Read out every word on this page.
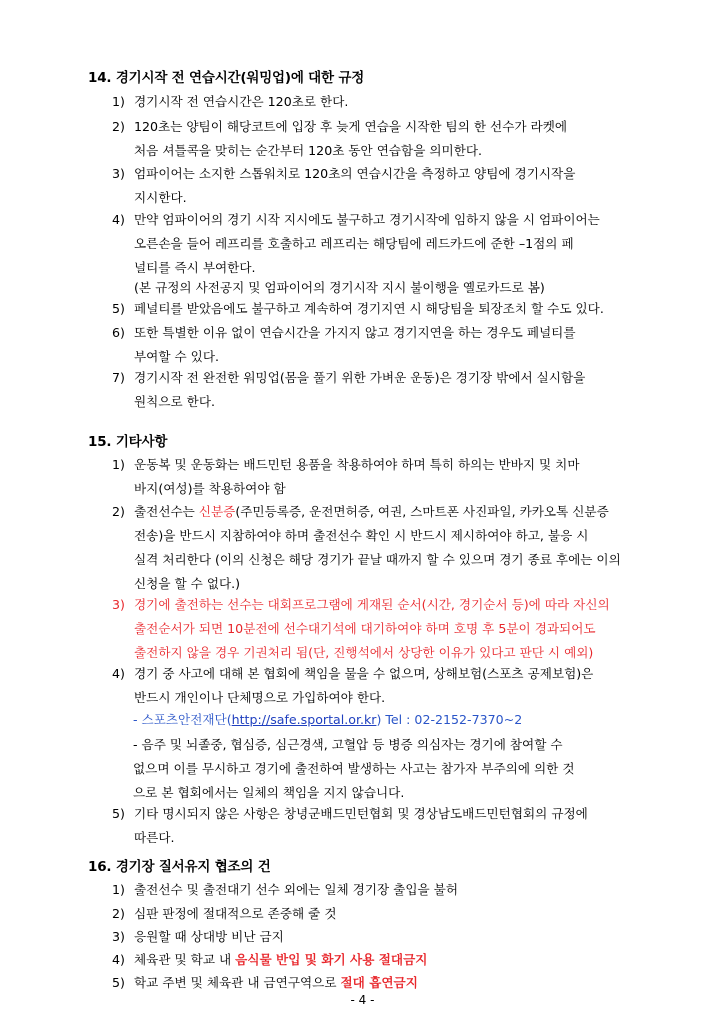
14. 경기시작 전 연습시간(워밍업)에 대한 규정
1) 경기시작 전 연습시간은 120초로 한다.
2) 120초는 양팀이 해당코트에 입장 후 늦게 연습을 시작한 팀의 한 선수가 라켓에
처음 셔틀콕을 맞히는 순간부터 120초 동안 연습함을 의미한다.
3) 엄파이어는 소지한 스톱워치로 120초의 연습시간을 측정하고 양팀에 경기시작을
지시한다.
4) 만약 엄파이어의 경기 시작 지시에도 불구하고 경기시작에 임하지 않을 시 엄파이어는
오른손을 들어 레프리를 호출하고 레프리는 해당팀에 레드카드에 준한 –1점의 페
널티를 즉시 부여한다.
(본 규정의 사전공지 및 엄파이어의 경기시작 지시 불이행을 옐로카드로 봄)
5) 페널티를 받았음에도 불구하고 계속하여 경기지연 시 해당팀을 퇴장조치 할 수도 있다.
6) 또한 특별한 이유 없이 연습시간을 가지지 않고 경기지연을 하는 경우도 페널티를
부여할 수 있다.
7) 경기시작 전 완전한 워밍업(몸을 풀기 위한 가벼운 운동)은 경기장 밖에서 실시함을
원칙으로 한다.
15. 기타사항
1) 운동복 및 운동화는 배드민턴 용품을 착용하여야 하며 특히 하의는 반바지 및 치마
바지(여성)를 착용하여야 함
2) 출전선수는 신분증(주민등록증, 운전면허증, 여권, 스마트폰 사진파일, 카카오톡 신분증
전송)을 반드시 지참하여야 하며 출전선수 확인 시 반드시 제시하여야 하고, 불응 시
실격 처리한다 (이의 신청은 해당 경기가 끝날 때까지 할 수 있으며 경기 종료 후에는 이의
신청을 할 수 없다.)
3) 경기에 출전하는 선수는 대회프로그램에 게재된 순서(시간, 경기순서 등)에 따라 자신의
출전순서가 되면 10분전에 선수대기석에 대기하여야 하며 호명 후 5분이 경과되어도
출전하지 않을 경우 기권처리 됨(단, 진행석에서 상당한 이유가 있다고 판단 시 예외)
4) 경기 중 사고에 대해 본 협회에 책임을 물을 수 없으며, 상해보험(스포츠 공제보험)은
반드시 개인이나 단체명으로 가입하여야 한다.
- 스포츠안전재단(http://safe.sportal.or.kr) Tel : 02-2152-7370~2
- 음주 및 뇌졸중, 협심증, 심근경색, 고혈압 등 병증 의심자는 경기에 참여할 수
없으며 이를 무시하고 경기에 출전하여 발생하는 사고는 참가자 부주의에 의한 것
으로 본 협회에서는 일체의 책임을 지지 않습니다.
5) 기타 명시되지 않은 사항은 창녕군배드민턴협회 및 경상남도배드민턴협회의 규정에
따른다.
16. 경기장 질서유지 협조의 건
1) 출전선수 및 출전대기 선수 외에는 일체 경기장 출입을 불허
2) 심판 판정에 절대적으로 존중해 줄 것
3) 응원할 때 상대방 비난 금지
4) 체육관 및 학교 내 음식물 반입 및 화기 사용 절대금지
5) 학교 주변 및 체육관 내 금연구역으로 절대 흡연금지
- 4 -
